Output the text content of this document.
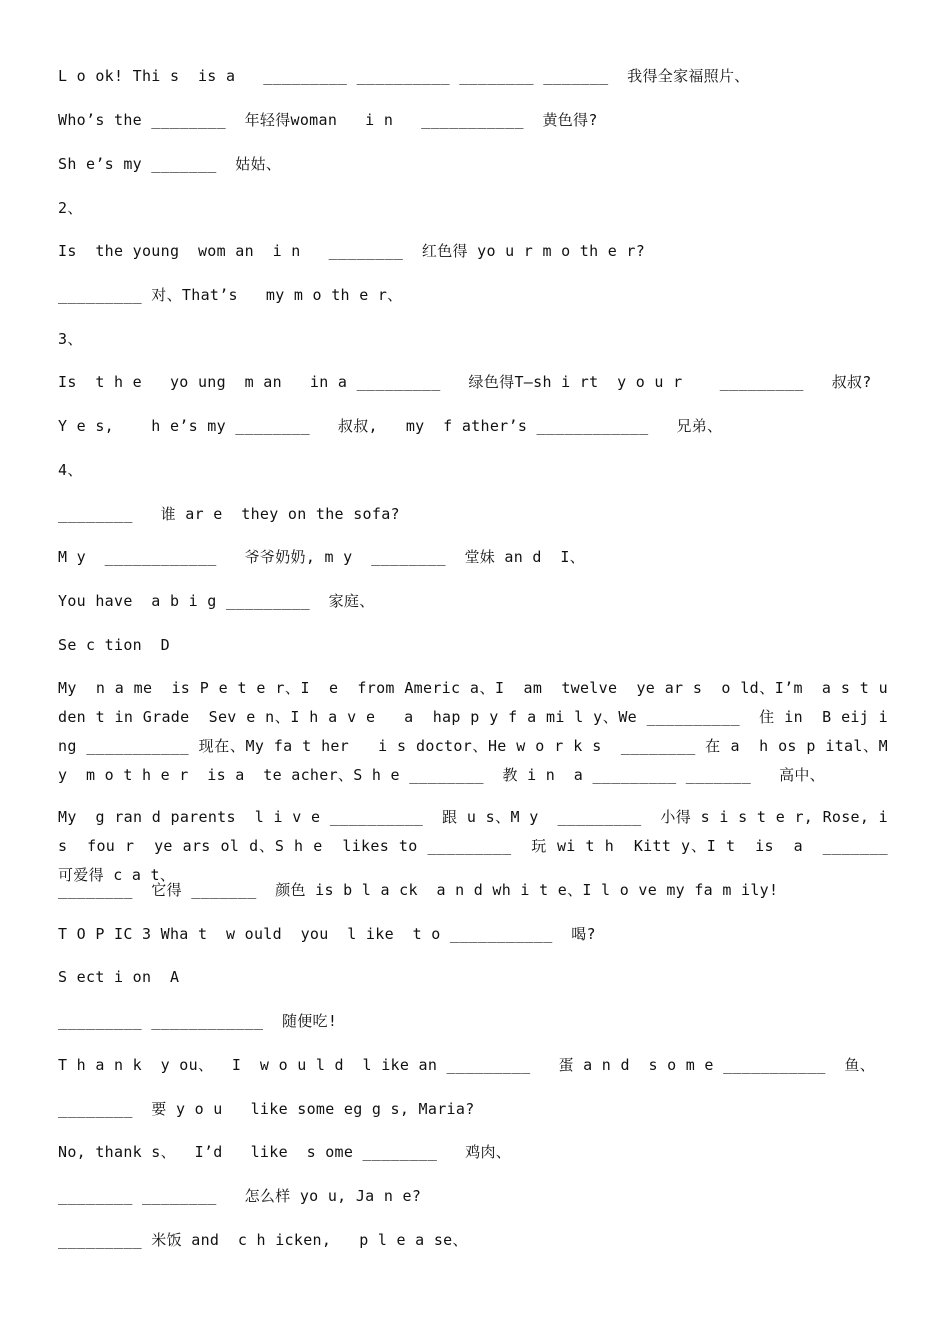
L o ok! Thi s  is a   _________ __________ ________ _______  我得全家福照片、
Who’s the ________  年轻得woman   i n   ___________  黄色得?
Sh e’s my _______  姑姑、
2、
Is  the young  wom an  i n   ________  红色得 yo u r m o th e r?
_________ 对、That’s   my m o th e r、
3、
Is  t h e   yo ung  m an   in a _________   绿色得T—sh i rt  y o u r    _________   叔叔?
Y e s,    h e’s my ________   叔叔,   my  f ather’s ____________   兄弟、
4、
________   谁 ar e  they on the sofa?
M y  ____________   爷爷奶奶, m y  ________  堂妹 an d  I、
You have  a b i g _________  家庭、
Se c tion  D
My  n a me  is P e t e r、I  e  from Americ a、I  am  twelve  ye ar s  o ld、I’m  a s t u den t in Grade  Sev e n、I h a v e   a  hap p y f a mi l y、We __________  住 in  B eij i ng ___________ 现在、My fa t her   i s doctor、He w o r k s  ________ 在 a  h os p ital、M y  m o t h e r  is a  te acher、S h e ________  教 i n  a _________ _______   高中、
My  g ran d parents  l i v e __________  跟 u s、M y  _________  小得 s i s t e r, Rose, is  fou r  ye ars ol d、S h e  likes to _________  玩 wi t h  Kitt y、I t  is  a  _______  可爱得 c a t、
________  它得 _______  颜色 is b l a ck  a n d wh i t e、I l o ve my fa m ily!
T O P IC 3 Wha t  w ould  you  l ike  t o ___________  喝?
S ect i on  A
_________ ____________  随便吃!
T h a n k  y ou、  I  w o u l d  l ike an _________   蛋 a n d  s o m e ___________  鱼、
________  要 y o u   like some eg g s, Maria?
No, thank s、  I’d   like  s ome ________   鸡肉、
________ ________   怎么样 yo u, Ja n e?
_________ 米饭 and  c h icken,   p l e a se、
